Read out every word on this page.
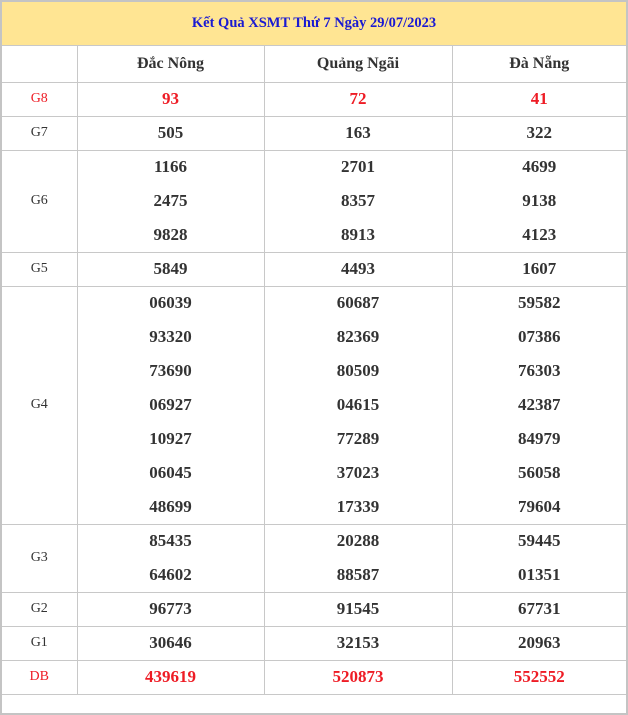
Kết Quả XSMT Thứ 7 Ngày 29/07/2023
	Đắc Nông	Quảng Ngãi	Đà Nẵng
G8	93	72	41
G7	505	163	322
G6	1166	2701	4699
	2475	8357	9138
	9828	8913	4123
G5	5849	4493	1607
G4	06039	60687	59582
	93320	82369	07386
	73690	80509	76303
	06927	04615	42387
	10927	77289	84979
	06045	37023	56058
	48699	17339	79604
G3	85435	20288	59445
	64602	88587	01351
G2	96773	91545	67731
G1	30646	32153	20963
DB	439619	520873	552552
